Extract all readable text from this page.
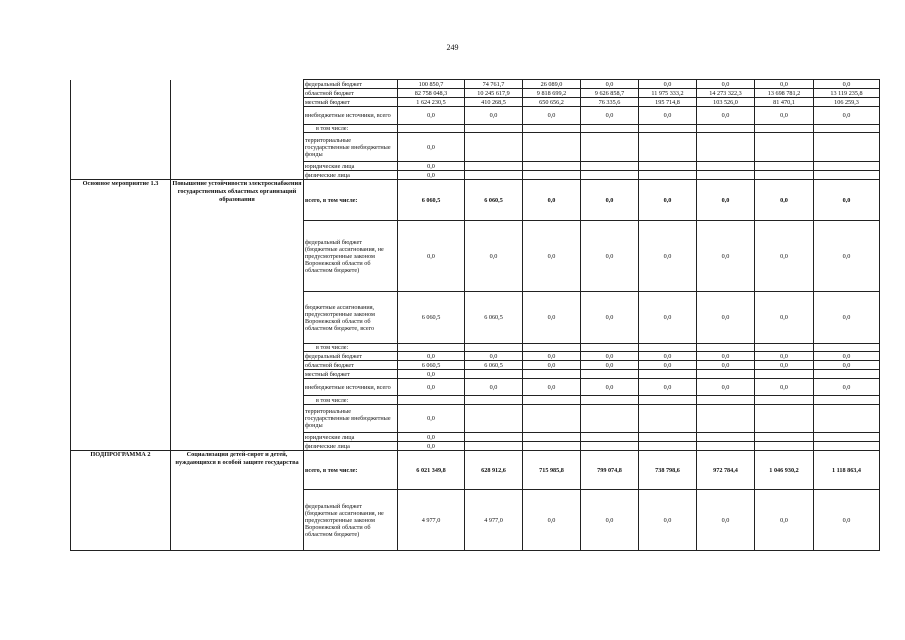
249
		федеральный бюджет	100 850,7	74 761,7	26 089,0	0,0	0,0	0,0	0,0	0,0
		областной бюджет	82 758 048,3	10 245 617,9	9 818 699,2	9 626 858,7	11 975 333,2	14 273 322,3	13 698 781,2	13 119 235,8
		местный бюджет	1 624 230,5	410 268,5	650 656,2	76 335,6	195 714,8	103 526,0	81 470,1	106 259,3
		внебюджетные источники, всего	0,0	0,0	0,0	0,0	0,0	0,0	0,0	0,0
		в том числе:								
		территориальные государственные внебюджетные фонды	0,0							
		юридические лица	0,0							
		физические лица	0,0							
Основное мероприятие 1.3	Повышение устойчивости электроснабжения государственных областных организаций образования	всего, в том числе:	6 060,5	6 060,5	0,0	0,0	0,0	0,0	0,0	0,0
		федеральный бюджет (бюджетные ассигнования, не предусмотренные законом Воронежской области об областном бюджете)	0,0	0,0	0,0	0,0	0,0	0,0	0,0	0,0
		бюджетные ассигнования, предусмотренные законом Воронежской области об областном бюджете, всего	6 060,5	6 060,5	0,0	0,0	0,0	0,0	0,0	0,0
		в том числе:								
		федеральный бюджет	0,0	0,0	0,0	0,0	0,0	0,0	0,0	0,0
		областной бюджет	6 060,5	6 060,5	0,0	0,0	0,0	0,0	0,0	0,0
		местный бюджет	0,0							
		внебюджетные источники, всего	0,0	0,0	0,0	0,0	0,0	0,0	0,0	0,0
		в том числе:								
		территориальные государственные внебюджетные фонды	0,0							
		юридические лица	0,0							
		физические лица	0,0							
ПОДПРОГРАММА 2	Социализация детей-сирот и детей, нуждающихся в особой защите государства	всего, в том числе:	6 021 349,8	628 912,6	715 985,8	799 074,8	738 798,6	972 784,4	1 046 930,2	1 118 863,4
		федеральный бюджет (бюджетные ассигнования, не предусмотренные законом Воронежской области об областном бюджете)	4 977,0	4 977,0	0,0	0,0	0,0	0,0	0,0	0,0
